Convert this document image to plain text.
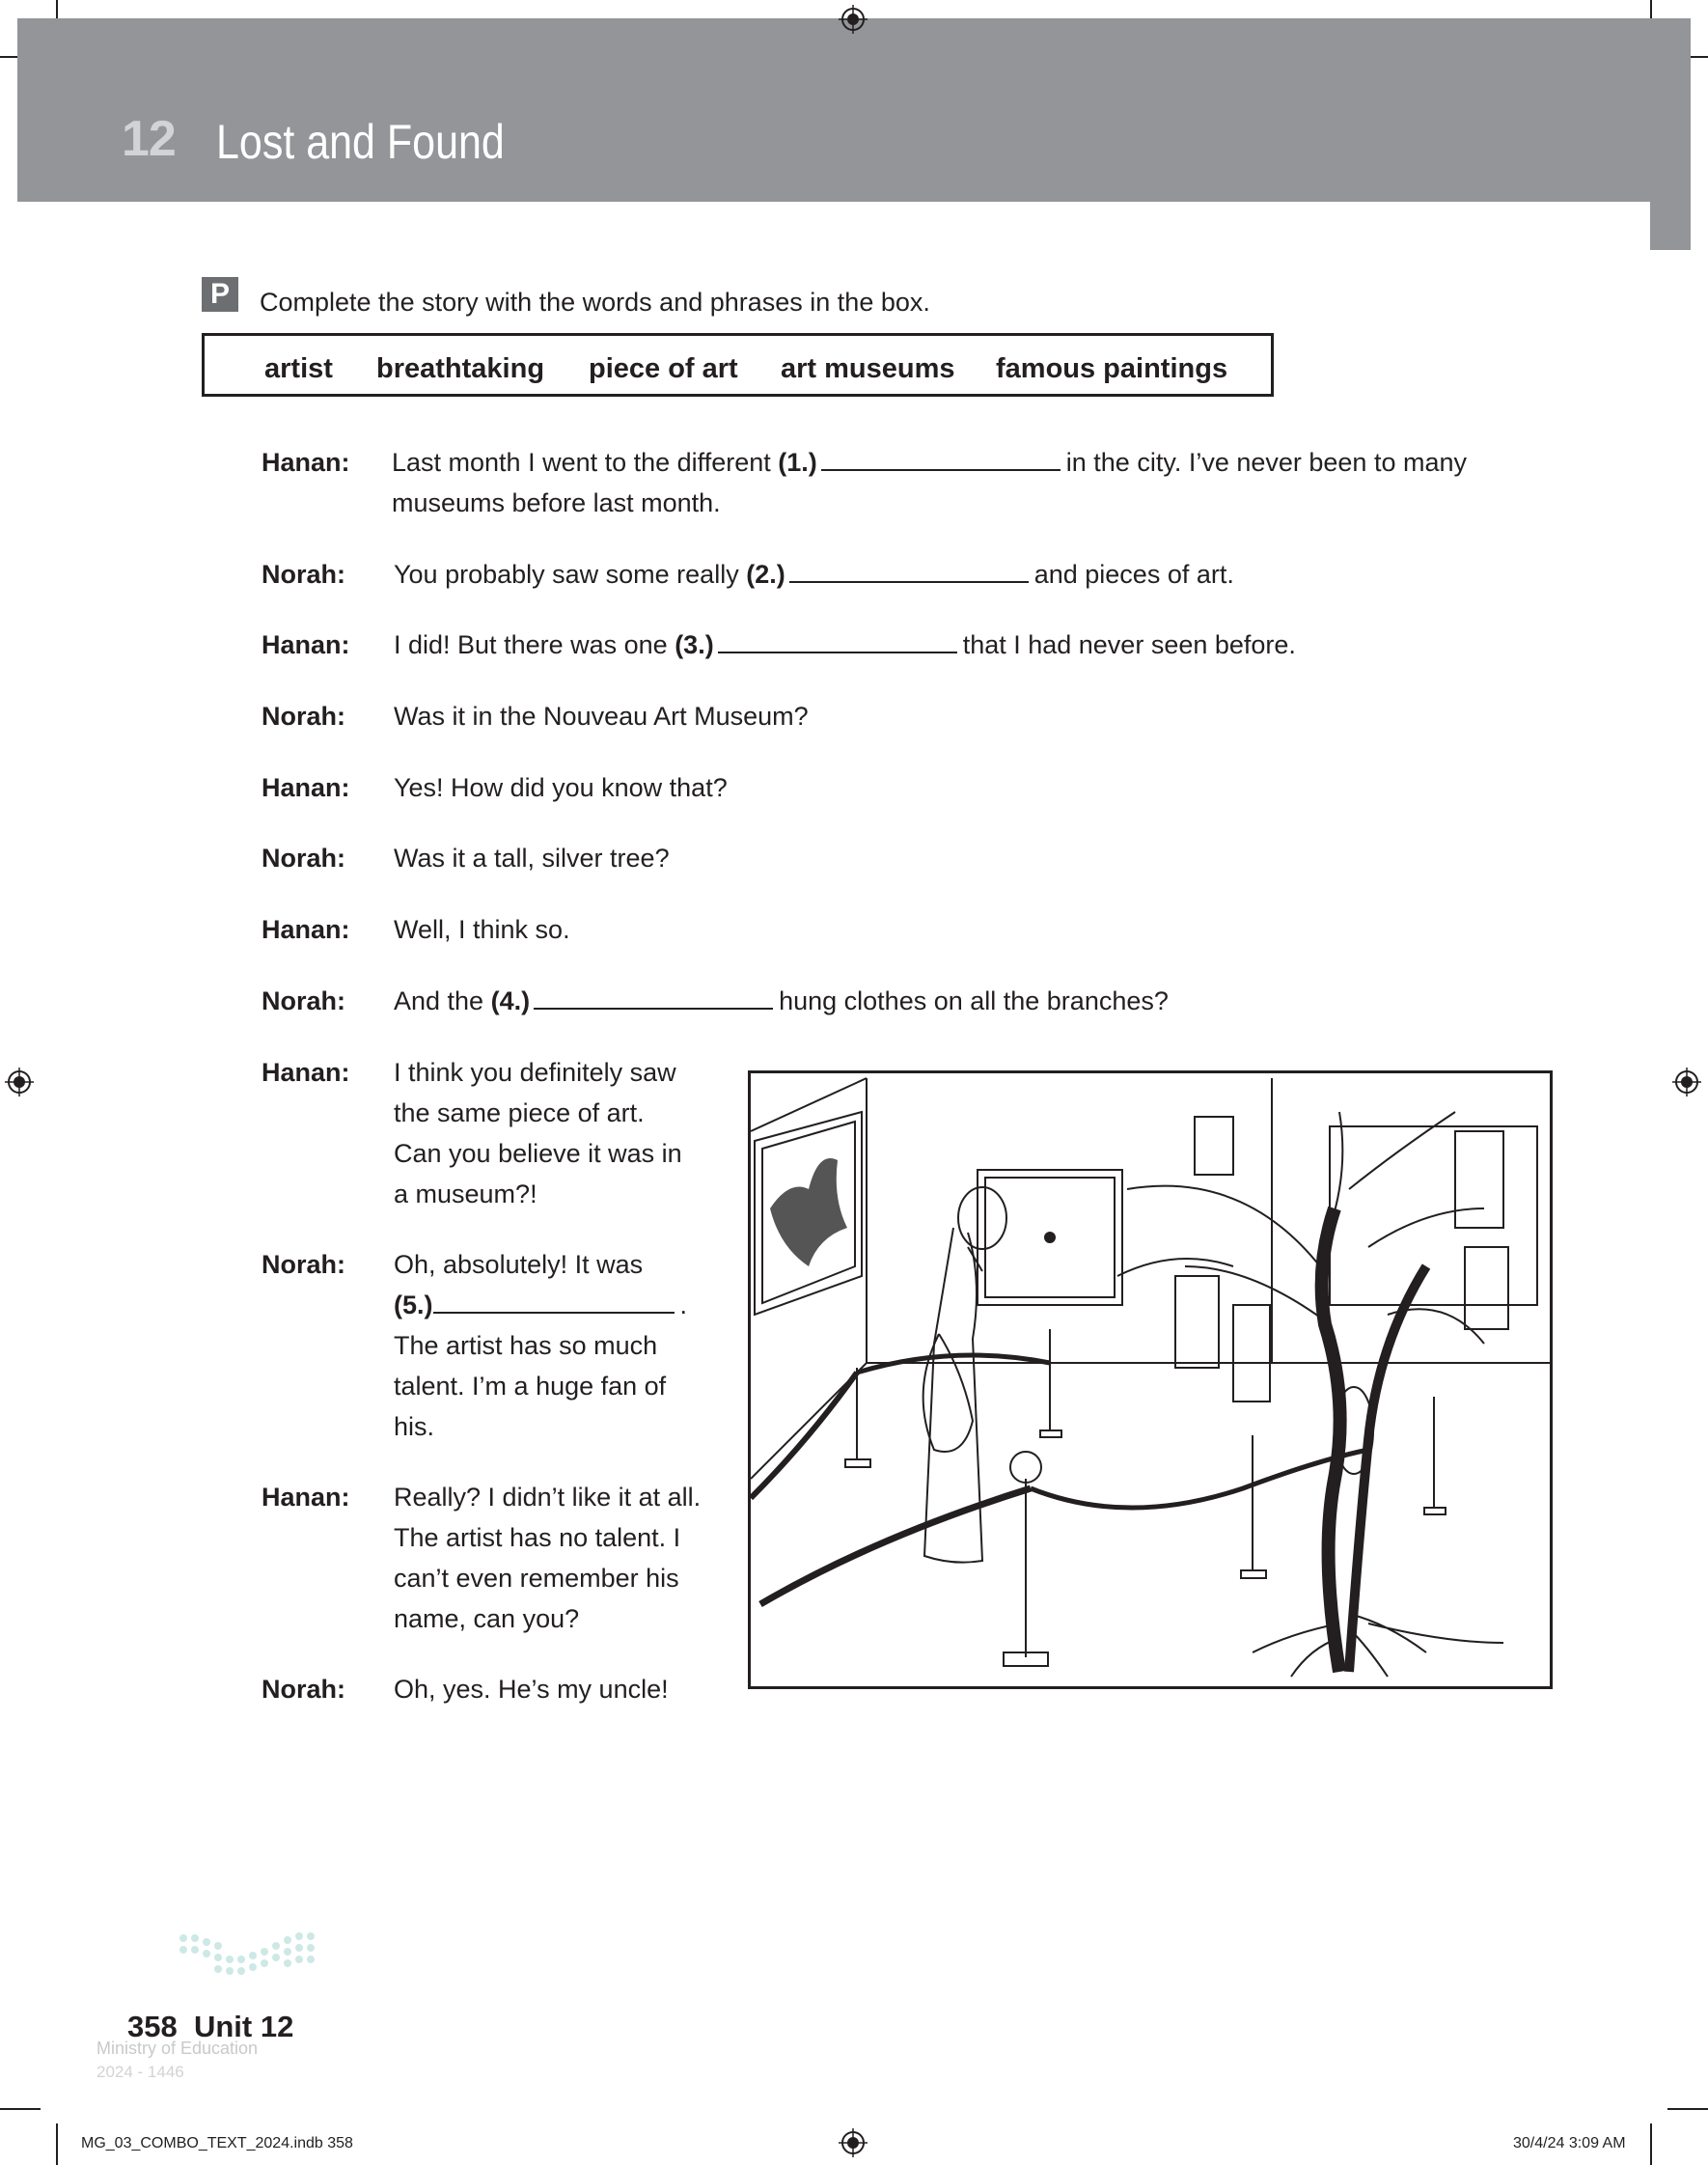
12 Lost and Found
P	Complete the story with the words and phrases in the box.
artist breathtaking piece of art art museums famous paintings
Hanan: Last month I went to the different (1.)	in the city. I’ve never been to many
museums before last month.
Norah: You probably saw some really (2.)	and pieces of art.
Hanan: I did! But there was one (3.)	that I had never seen before.
Norah: Was it in the Nouveau Art Museum?
Hanan: Yes! How did you know that?
Norah: Was it a tall, silver tree?
Hanan: Well, I think so.
Norah: And the (4.)	hung clothes on all the branches?
Hanan: I think you definitely saw
the same piece of art.
Can you believe it was in
a museum?!
Norah: Oh, absolutely! It was
(5.)	.
The artist has so much
talent. I’m a huge fan of
his.
Hanan: Really? I didn’t like it at all.
The artist has no talent. I
can’t even remember his
name, can you?
Norah: Oh, yes. He’s my uncle!
Ministry of Education
2024 - 1446
358 Unit 12
MG_03_COMBO_TEXT_2024.indb 358	30/4/24 3:09 AM
